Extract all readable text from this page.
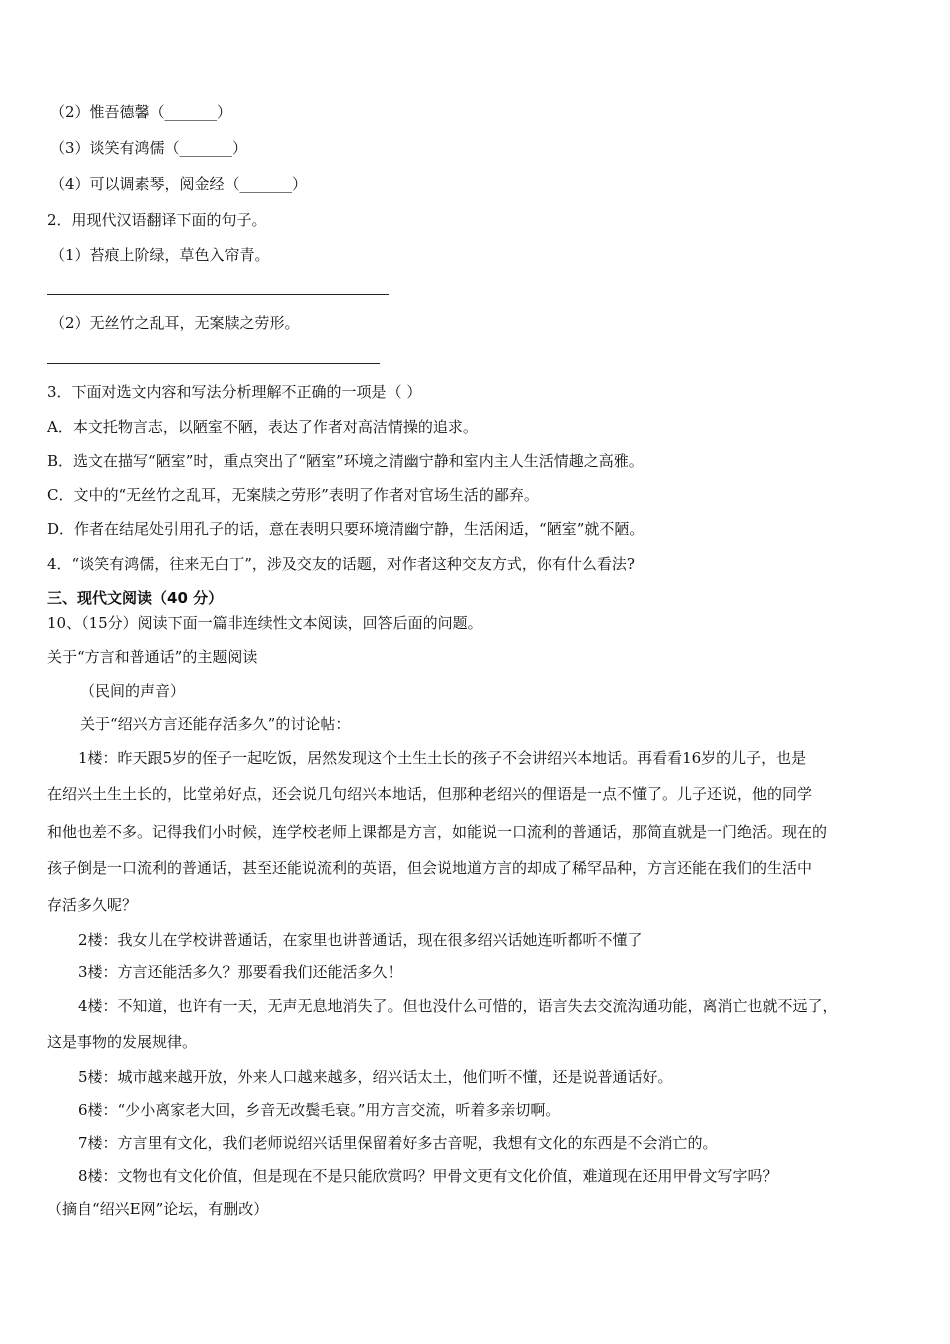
（2）惟吾德馨（_______）
（3）谈笑有鸿儒（_______）
（4）可以调素琴，阅金经（_______）
2．用现代汉语翻译下面的句子。
（1）苔痕上阶绿，草色入帘青。
（2）无丝竹之乱耳，无案牍之劳形。
3．下面对选文内容和写法分析理解不正确的一项是（ ）
A．本文托物言志，以陋室不陋，表达了作者对高洁情操的追求。
B．选文在描写“陋室”时，重点突出了“陋室”环境之清幽宁静和室内主人生活情趣之高雅。
C．文中的“无丝竹之乱耳，无案牍之劳形”表明了作者对官场生活的鄙弃。
D．作者在结尾处引用孔子的话，意在表明只要环境清幽宁静，生活闲适，“陋室”就不陋。
4．“谈笑有鸿儒，往来无白丁”，涉及交友的话题，对作者这种交友方式，你有什么看法?
三、现代文阅读（40 分）
10、（15分）阅读下面一篇非连续性文本阅读，回答后面的问题。
关于“方言和普通话”的主题阅读
（民间的声音）
关于“绍兴方言还能存活多久”的讨论帖：
1楼：昨天跟5岁的侄子一起吃饭，居然发现这个土生土长的孩子不会讲绍兴本地话。再看看16岁的儿子，也是
在绍兴土生土长的，比堂弟好点，还会说几句绍兴本地话，但那种老绍兴的俚语是一点不懂了。儿子还说，他的同学
和他也差不多。记得我们小时候，连学校老师上课都是方言，如能说一口流利的普通话，那简直就是一门绝活。现在的
孩子倒是一口流利的普通话，甚至还能说流利的英语，但会说地道方言的却成了稀罕品种，方言还能在我们的生活中
存活多久呢？
2楼：我女儿在学校讲普通话，在家里也讲普通话，现在很多绍兴话她连听都听不懂了
3楼：方言还能活多久？那要看我们还能活多久！
4楼：不知道，也许有一天，无声无息地消失了。但也没什么可惜的，语言失去交流沟通功能，离消亡也就不远了，
这是事物的发展规律。
5楼：城市越来越开放，外来人口越来越多，绍兴话太土，他们听不懂，还是说普通话好。
6楼：“少小离家老大回，乡音无改鬓毛衰。”用方言交流，听着多亲切啊。
7楼：方言里有文化，我们老师说绍兴话里保留着好多古音呢，我想有文化的东西是不会消亡的。
8楼：文物也有文化价值，但是现在不是只能欣赏吗？甲骨文更有文化价值，难道现在还用甲骨文写字吗？
（摘自“绍兴E网”论坛，有删改）
